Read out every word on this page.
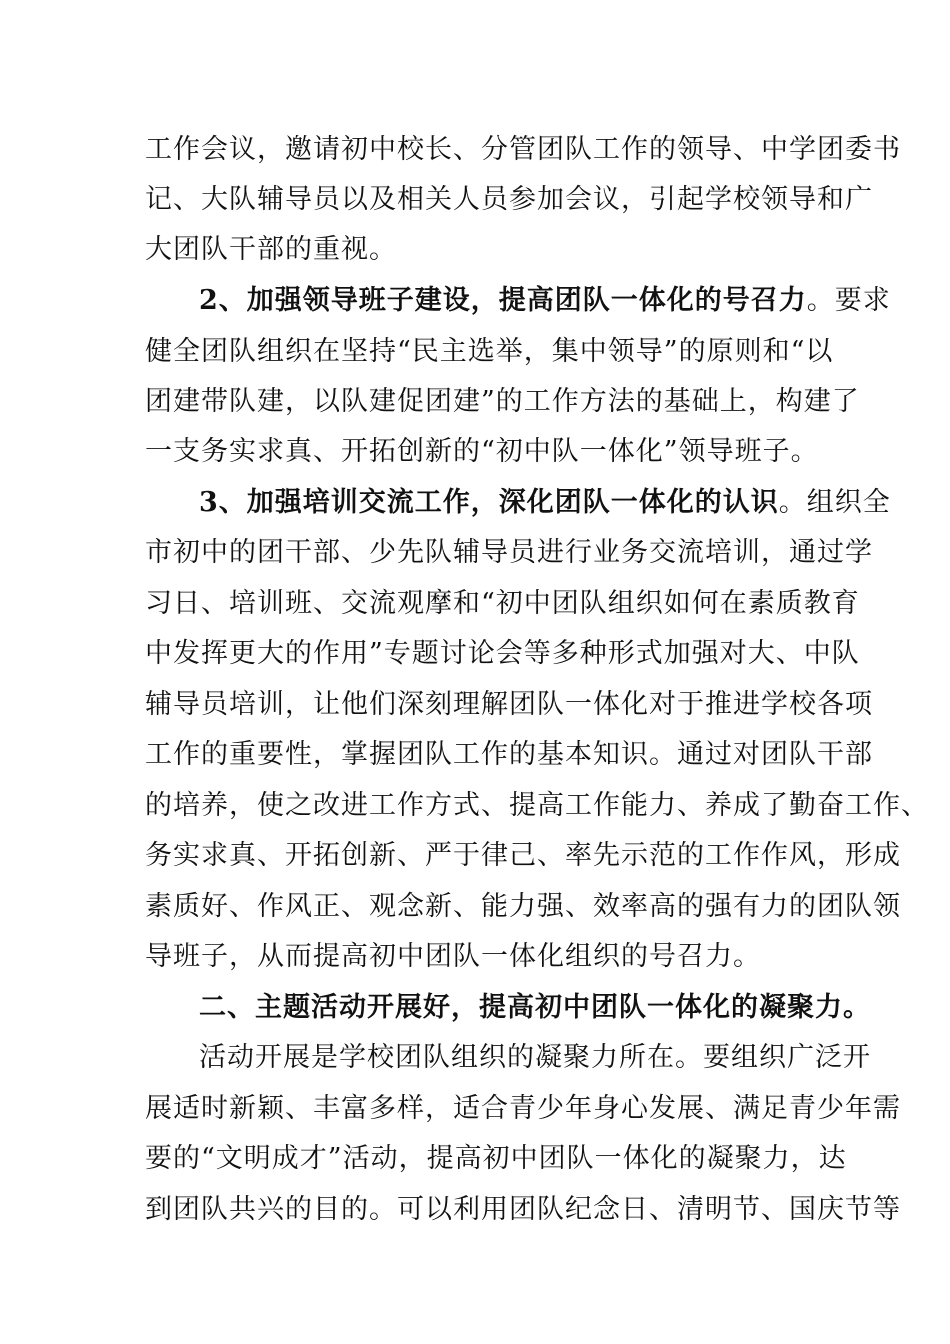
工作会议，邀请初中校长、分管团队工作的领导、中学团委书
记、大队辅导员以及相关人员参加会议，引起学校领导和广
大团队干部的重视。
2、加强领导班子建设，提高团队一体化的号召力。要求
健全团队组织在坚持“民主选举，集中领导”的原则和“以
团建带队建，以队建促团建”的工作方法的基础上，构建了
一支务实求真、开拓创新的“初中队一体化”领导班子。
3、加强培训交流工作，深化团队一体化的认识。组织全
市初中的团干部、少先队辅导员进行业务交流培训，通过学
习日、培训班、交流观摩和“初中团队组织如何在素质教育
中发挥更大的作用”专题讨论会等多种形式加强对大、中队
辅导员培训，让他们深刻理解团队一体化对于推进学校各项
工作的重要性，掌握团队工作的基本知识。通过对团队干部
的培养，使之改进工作方式、提高工作能力、养成了勤奋工作、
务实求真、开拓创新、严于律己、率先示范的工作作风，形成
素质好、作风正、观念新、能力强、效率高的强有力的团队领
导班子，从而提高初中团队一体化组织的号召力。
二、主题活动开展好，提高初中团队一体化的凝聚力。
活动开展是学校团队组织的凝聚力所在。要组织广泛开
展适时新颖、丰富多样，适合青少年身心发展、满足青少年需
要的“文明成才”活动，提高初中团队一体化的凝聚力，达
到团队共兴的目的。可以利用团队纪念日、清明节、国庆节等
